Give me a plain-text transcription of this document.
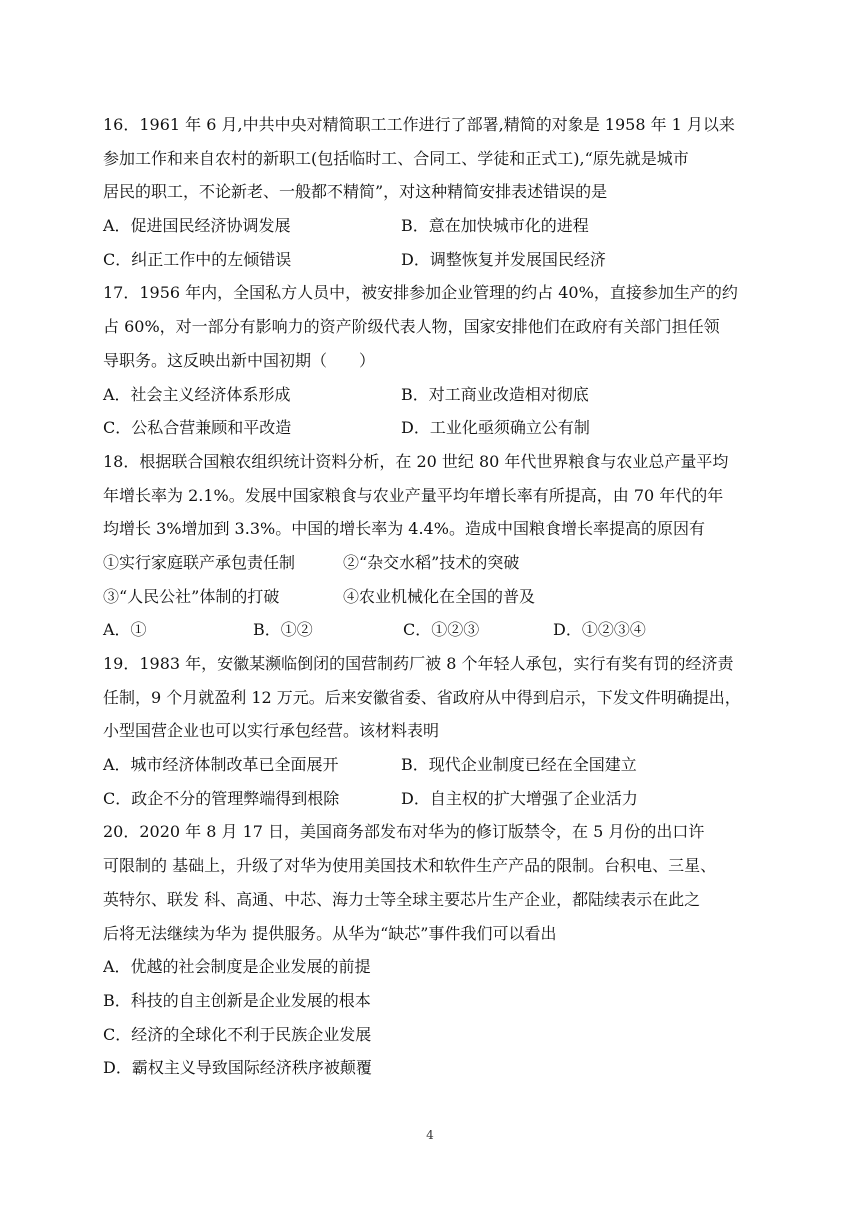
16．1961 年 6 月,中共中央对精简职工工作进行了部署,精简的对象是 1958 年 1 月以来
参加工作和来自农村的新职工(包括临时工、合同工、学徒和正式工),“原先就是城市
居民的职工，不论新老、一般都不精简”，对这种精简安排表述错误的是
A．促进国民经济协调发展	B．意在加快城市化的进程
C．纠正工作中的左倾错误	D．调整恢复并发展国民经济
17．1956 年内，全国私方人员中，被安排参加企业管理的约占 40%，直接参加生产的约
占 60%，对一部分有影响力的资产阶级代表人物，国家安排他们在政府有关部门担任领
导职务。这反映出新中国初期（　　）
A．社会主义经济体系形成	B．对工商业改造相对彻底
C．公私合营兼顾和平改造	D．工业化亟须确立公有制
18．根据联合国粮农组织统计资料分析，在 20 世纪 80 年代世界粮食与农业总产量平均
年增长率为 2.1%。发展中国家粮食与农业产量平均年增长率有所提高，由 70 年代的年
均增长 3%增加到 3.3%。中国的增长率为 4.4%。造成中国粮食增长率提高的原因有
①实行家庭联产承包责任制	②“杂交水稻”技术的突破
③“人民公社”体制的打破	④农业机械化在全国的普及
A．①	B．①②	C．①②③	D．①②③④
19．1983 年，安徽某濒临倒闭的国营制药厂被 8 个年轻人承包，实行有奖有罚的经济责
任制，9 个月就盈利 12 万元。后来安徽省委、省政府从中得到启示，下发文件明确提出，
小型国营企业也可以实行承包经营。该材料表明
A．城市经济体制改革已全面展开	B．现代企业制度已经在全国建立
C．政企不分的管理弊端得到根除	D．自主权的扩大增强了企业活力
20．2020 年 8 月 17 日，美国商务部发布对华为的修订版禁令，在 5 月份的出口许
可限制的 基础上，升级了对华为使用美国技术和软件生产产品的限制。台积电、三星、
英特尔、联发 科、高通、中芯、海力士等全球主要芯片生产企业，都陆续表示在此之
后将无法继续为华为 提供服务。从华为“缺芯”事件我们可以看出
A．优越的社会制度是企业发展的前提
B．科技的自主创新是企业发展的根本
C．经济的全球化不利于民族企业发展
D．霸权主义导致国际经济秩序被颠覆
4
